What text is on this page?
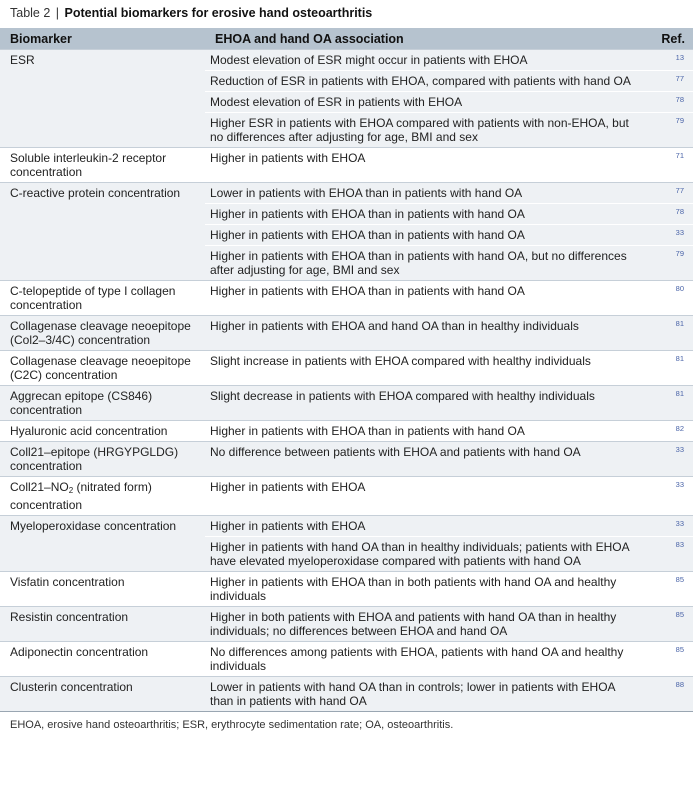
Table 2 | Potential biomarkers for erosive hand osteoarthritis
Biomarker	EHOA and hand OA association	Ref.
ESR	Modest elevation of ESR might occur in patients with EHOA	13
	Reduction of ESR in patients with EHOA, compared with patients with hand OA	77
	Modest elevation of ESR in patients with EHOA	78
	Higher ESR in patients with EHOA compared with patients with non-EHOA, but no differences after adjusting for age, BMI and sex	79
Soluble interleukin-2 receptor concentration	Higher in patients with EHOA	71
C-reactive protein concentration	Lower in patients with EHOA than in patients with hand OA	77
	Higher in patients with EHOA than in patients with hand OA	78
	Higher in patients with EHOA than in patients with hand OA	33
	Higher in patients with EHOA than in patients with hand OA, but no differences after adjusting for age, BMI and sex	79
C-telopeptide of type I collagen concentration	Higher in patients with EHOA than in patients with hand OA	80
Collagenase cleavage neoepitope (Col2–3/4C) concentration	Higher in patients with EHOA and hand OA than in healthy individuals	81
Collagenase cleavage neoepitope (C2C) concentration	Slight increase in patients with EHOA compared with healthy individuals	81
Aggrecan epitope (CS846) concentration	Slight decrease in patients with EHOA compared with healthy individuals	81
Hyaluronic acid concentration	Higher in patients with EHOA than in patients with hand OA	82
Coll21–epitope (HRGYPGLDG) concentration	No difference between patients with EHOA and patients with hand OA	33
$Coll21-NO_2$ (nitrated form) concentration	Higher in patients with EHOA	33
Myeloperoxidase concentration	Higher in patients with EHOA	33
	Higher in patients with hand OA than in healthy individuals; patients with EHOA have elevated myeloperoxidase compared with patients with hand OA	83
Visfatin concentration	Higher in patients with EHOA than in both patients with hand OA and healthy individuals	85
Resistin concentration	Higher in both patients with EHOA and patients with hand OA than in healthy individuals; no differences between EHOA and hand OA	85
Adiponectin concentration	No differences among patients with EHOA, patients with hand OA and healthy individuals	85
Clusterin concentration	Lower in patients with hand OA than in controls; lower in patients with EHOA than in patients with hand OA	88
EHOA, erosive hand osteoarthritis; ESR, erythrocyte sedimentation rate; OA, osteoarthritis.
